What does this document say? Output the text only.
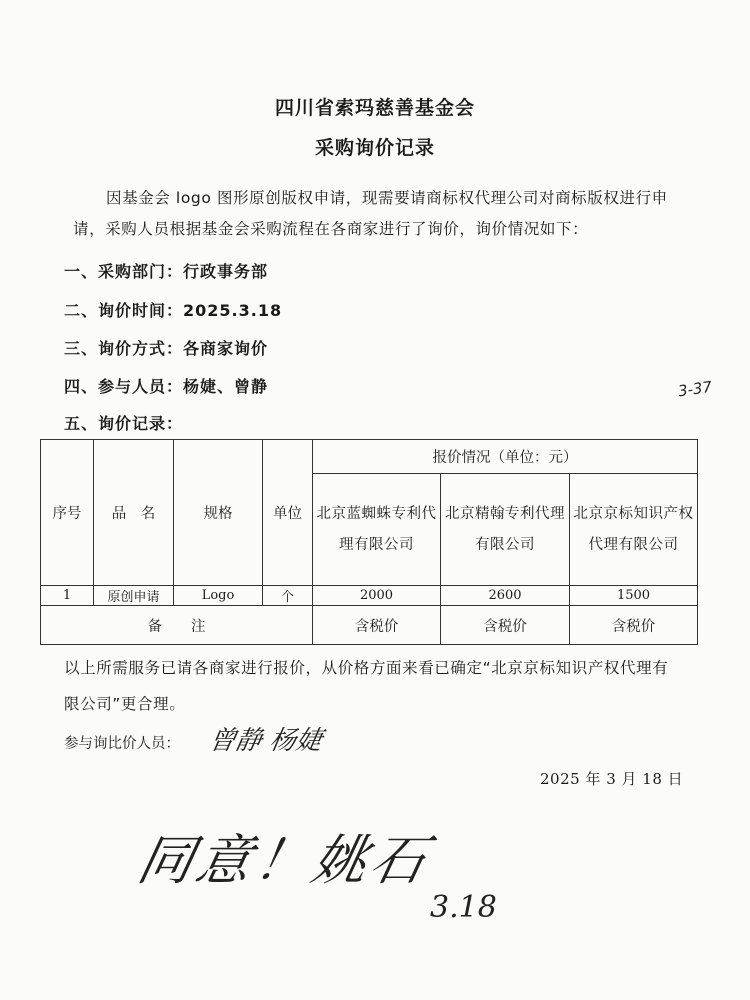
四川省索玛慈善基金会
采购询价记录
因基金会 logo 图形原创版权申请，现需要请商标权代理公司对商标版权进行申请，采购人员根据基金会采购流程在各商家进行了询价，询价情况如下：
一、采购部门：行政事务部
二、询价时间：2025.3.18
三、询价方式：各商家询价
四、参与人员：杨婕、曾静
五、询价记录：
3-37
序号	品　名	规格	单位	报价情况（单位：元）		
				北京蓝蜘蛛专利代理有限公司	北京精翰专利代理有限公司	北京京标知识产权代理有限公司
1	原创申请	Logo	个	2000	2600	1500
备　　注				含税价	含税价	含税价
以上所需服务已请各商家进行报价，从价格方面来看已确定“北京京标知识产权代理有限公司”更合理。
参与询比价人员： 曾静 杨婕
2025 年 3 月 18 日
同意！姚石
3.18
